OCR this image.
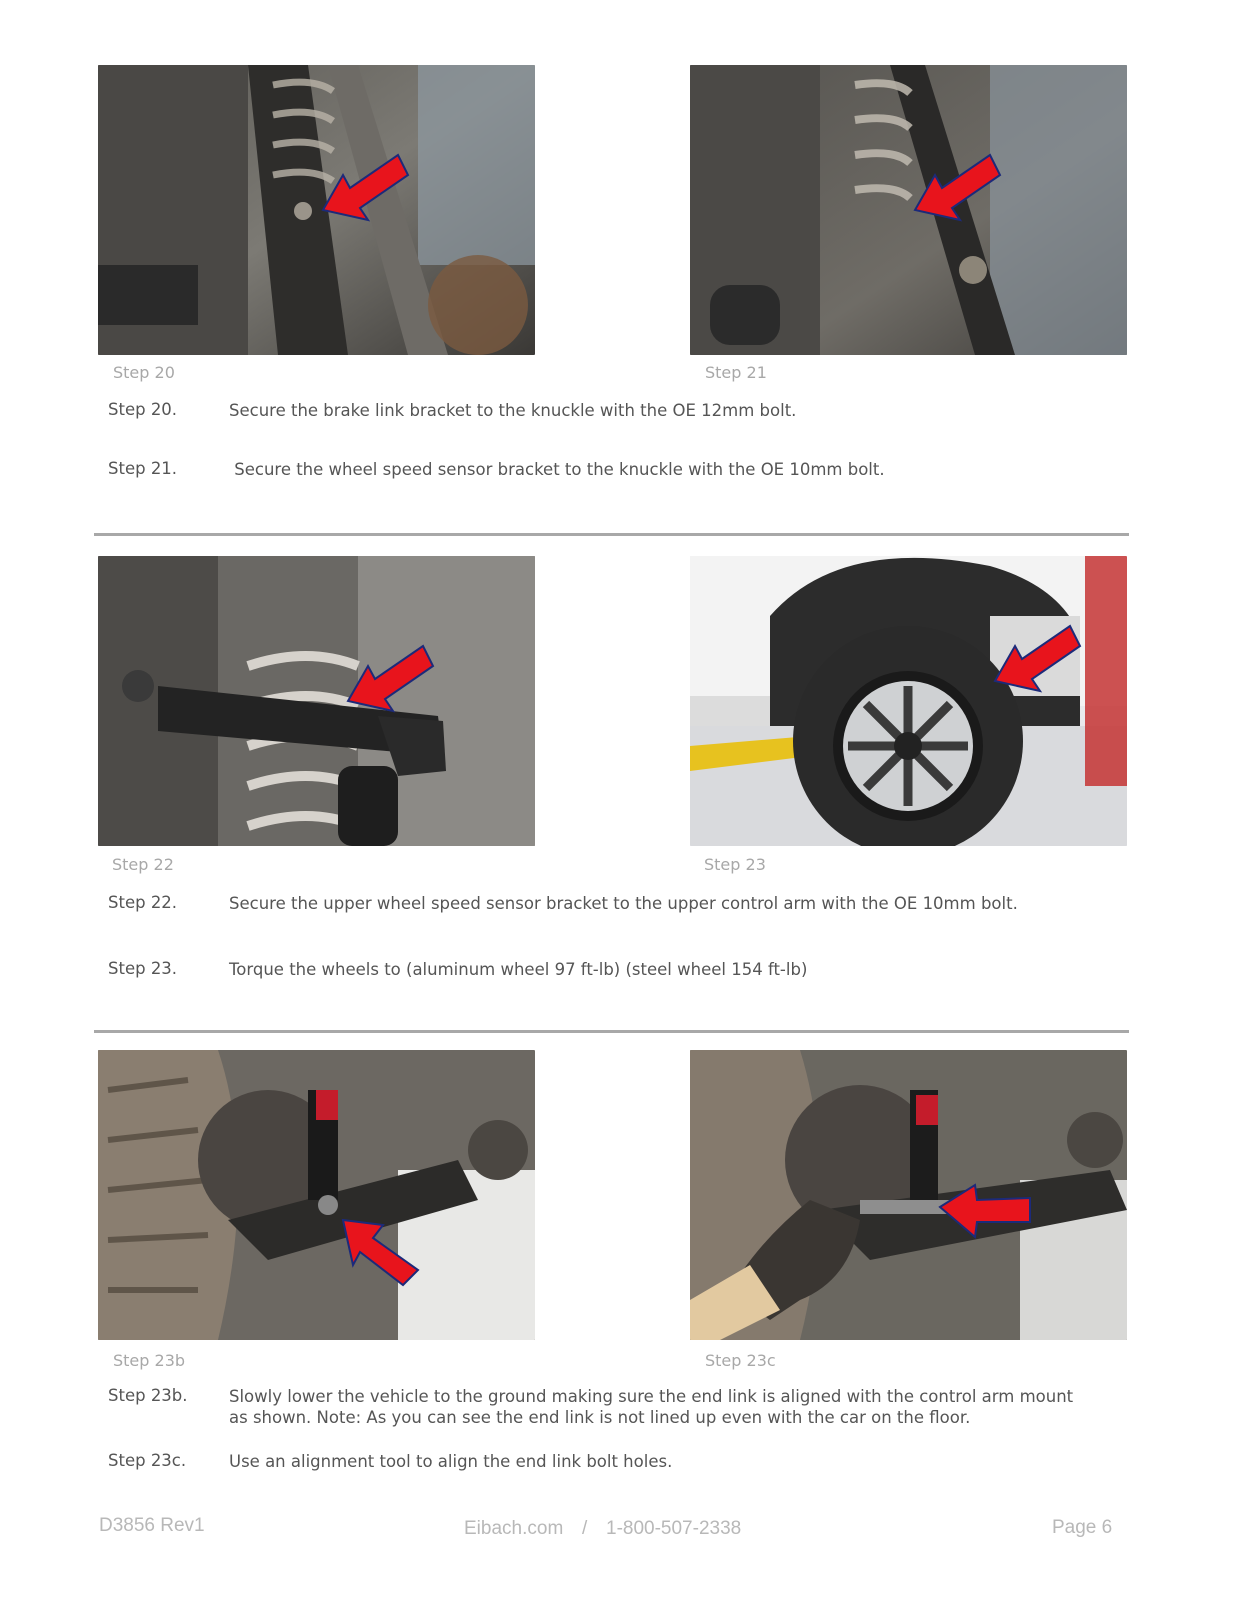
Step 20	Step 21
Step 20.	Secure the brake link bracket to the knuckle with the OE 12mm bolt.
Step 21.	Secure the wheel speed sensor bracket to the knuckle with the OE 10mm bolt.
Step 22	Step 23
Step 22.	Secure the upper wheel speed sensor bracket to the upper control arm with the OE 10mm bolt.
Step 23.	Torque the wheels to (aluminum wheel 97 ft-lb) (steel wheel 154 ft-lb)
Step 23b	Step 23c
Step 23b.	Slowly lower the vehicle to the ground making sure the end link is aligned with the control arm mount as shown. Note: As you can see the end link is not lined up even with the car on the floor.
Step 23c.	Use an alignment tool to align the end link bolt holes.
D3856 Rev1	Eibach.com / 1-800-507-2338	Page 6
